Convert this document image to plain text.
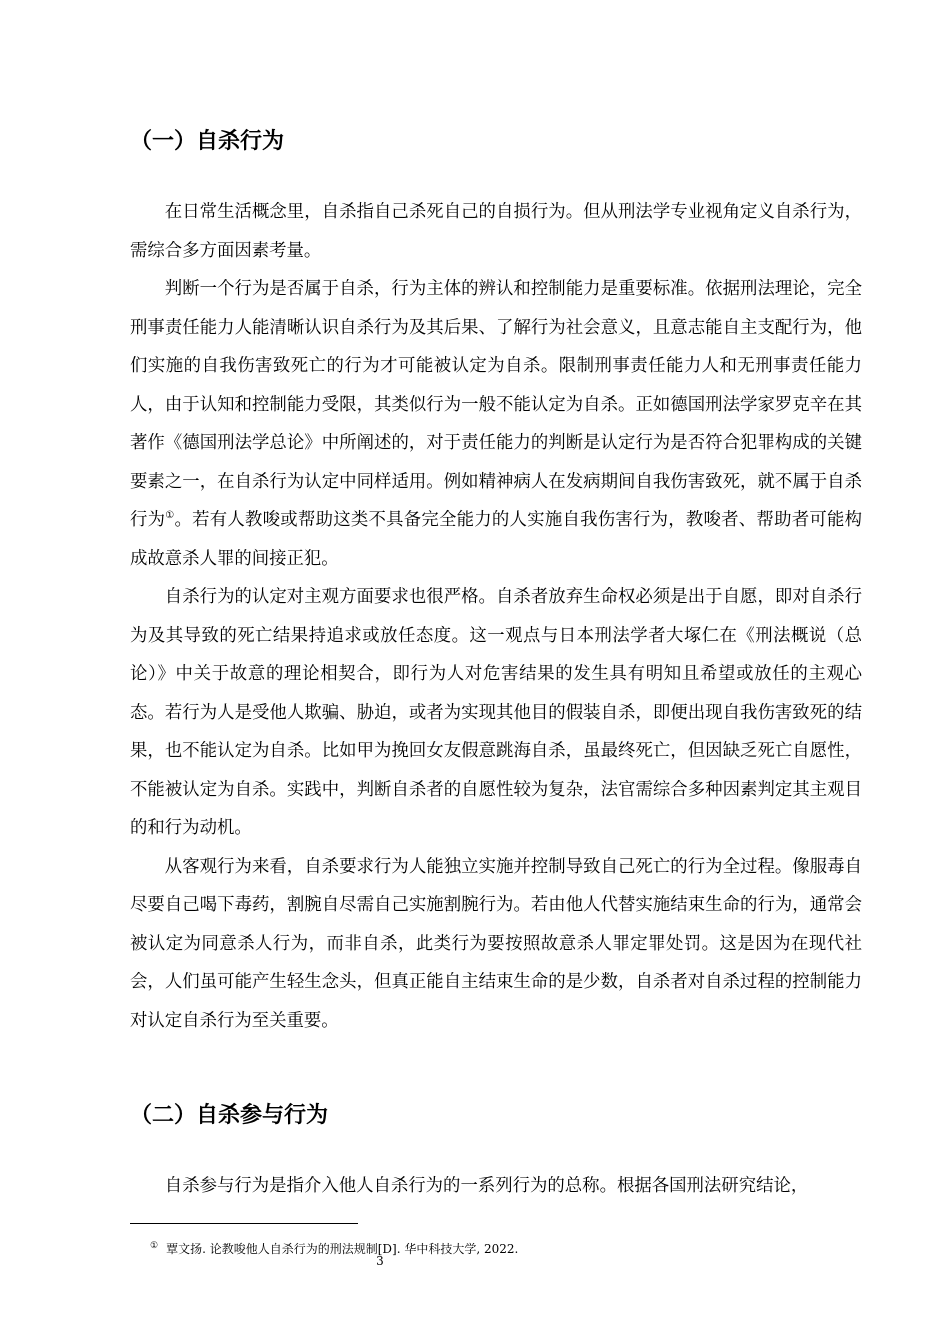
（一）自杀行为

在日常生活概念里，自杀指自己杀死自己的自损行为。但从刑法学专业视角定义自杀行为，需综合多方面因素考量。

判断一个行为是否属于自杀，行为主体的辨认和控制能力是重要标准。依据刑法理论，完全刑事责任能力人能清晰认识自杀行为及其后果、了解行为社会意义，且意志能自主支配行为，他们实施的自我伤害致死亡的行为才可能被认定为自杀。限制刑事责任能力人和无刑事责任能力人，由于认知和控制能力受限，其类似行为一般不能认定为自杀。正如德国刑法学家罗克辛在其著作《德国刑法学总论》中所阐述的，对于责任能力的判断是认定行为是否符合犯罪构成的关键要素之一，在自杀行为认定中同样适用。例如精神病人在发病期间自我伤害致死，就不属于自杀行为①。若有人教唆或帮助这类不具备完全能力的人实施自我伤害行为，教唆者、帮助者可能构成故意杀人罪的间接正犯。

自杀行为的认定对主观方面要求也很严格。自杀者放弃生命权必须是出于自愿，即对自杀行为及其导致的死亡结果持追求或放任态度。这一观点与日本刑法学者大塚仁在《刑法概说（总论）》中关于故意的理论相契合，即行为人对危害结果的发生具有明知且希望或放任的主观心态。若行为人是受他人欺骗、胁迫，或者为实现其他目的假装自杀，即便出现自我伤害致死的结果，也不能认定为自杀。比如甲为挽回女友假意跳海自杀，虽最终死亡，但因缺乏死亡自愿性，不能被认定为自杀。实践中，判断自杀者的自愿性较为复杂，法官需综合多种因素判定其主观目的和行为动机。

从客观行为来看，自杀要求行为人能独立实施并控制导致自己死亡的行为全过程。像服毒自尽要自己喝下毒药，割腕自尽需自己实施割腕行为。若由他人代替实施结束生命的行为，通常会被认定为同意杀人行为，而非自杀，此类行为要按照故意杀人罪定罪处罚。这是因为在现代社会，人们虽可能产生轻生念头，但真正能自主结束生命的是少数，自杀者对自杀过程的控制能力对认定自杀行为至关重要。

（二）自杀参与行为

自杀参与行为是指介入他人自杀行为的一系列行为的总称。根据各国刑法研究结论，

① 覃文扬. 论教唆他人自杀行为的刑法规制[D]. 华中科技大学, 2022.
3
